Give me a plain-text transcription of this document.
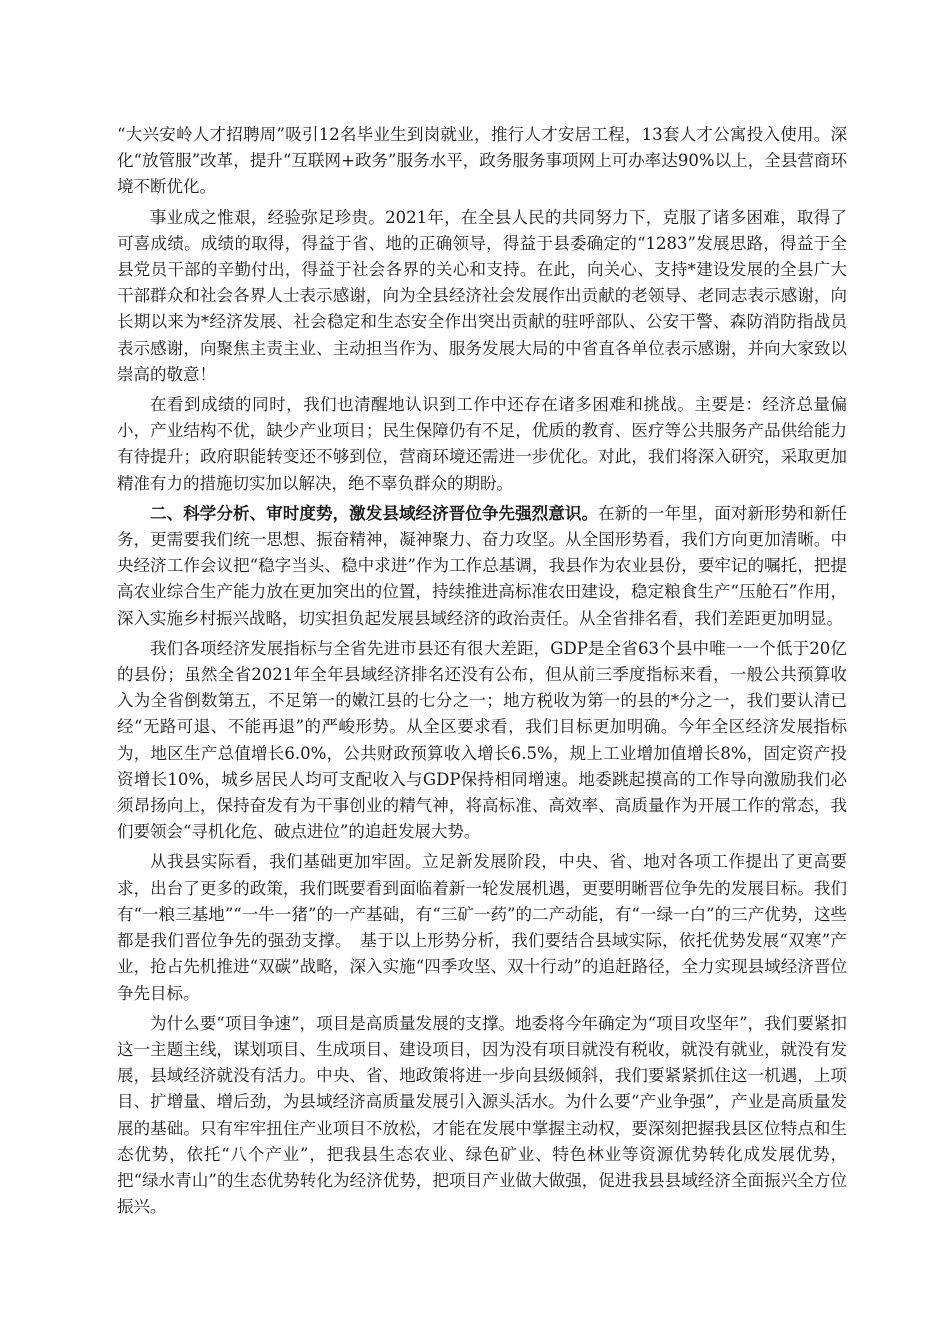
“大兴安岭人才招聘周”吸引12名毕业生到岗就业，推行人才安居工程，13套人才公寓投入使用。深化“放管服”改革，提升“互联网+政务”服务水平，政务服务事项网上可办率达90%以上，全县营商环境不断优化。

事业成之惟艰，经验弥足珍贵。2021年，在全县人民的共同努力下，克服了诸多困难，取得了可喜成绩。成绩的取得，得益于省、地的正确领导，得益于县委确定的“1283”发展思路，得益于全县党员干部的辛勤付出，得益于社会各界的关心和支持。在此，向关心、支持*建设发展的全县广大干部群众和社会各界人士表示感谢，向为全县经济社会发展作出贡献的老领导、老同志表示感谢，向长期以来为*经济发展、社会稳定和生态安全作出突出贡献的驻呼部队、公安干警、森防消防指战员表示感谢，向聚焦主责主业、主动担当作为、服务发展大局的中省直各单位表示感谢，并向大家致以崇高的敬意！

在看到成绩的同时，我们也清醒地认识到工作中还存在诸多困难和挑战。主要是：经济总量偏小，产业结构不优，缺少产业项目；民生保障仍有不足，优质的教育、医疗等公共服务产品供给能力有待提升；政府职能转变还不够到位，营商环境还需进一步优化。对此，我们将深入研究，采取更加精准有力的措施切实加以解决，绝不辜负群众的期盼。

二、科学分析、审时度势，激发县域经济晋位争先强烈意识。在新的一年里，面对新形势和新任务，更需要我们统一思想、振奋精神，凝神聚力、奋力攻坚。从全国形势看，我们方向更加清晰。中央经济工作会议把“稳字当头、稳中求进”作为工作总基调，我县作为农业县份，要牢记的嘱托，把提高农业综合生产能力放在更加突出的位置，持续推进高标准农田建设，稳定粮食生产“压舱石”作用，深入实施乡村振兴战略，切实担负起发展县域经济的政治责任。从全省排名看，我们差距更加明显。

我们各项经济发展指标与全省先进市县还有很大差距，GDP是全省63个县中唯一一个低于20亿的县份；虽然全省2021年全年县域经济排名还没有公布，但从前三季度指标来看，一般公共预算收入为全省倒数第五，不足第一的嫩江县的七分之一；地方税收为第一的县的*分之一，我们要认清已经“无路可退、不能再退”的严峻形势。从全区要求看，我们目标更加明确。今年全区经济发展指标为，地区生产总值增长6.0%，公共财政预算收入增长6.5%，规上工业增加值增长8%，固定资产投资增长10%，城乡居民人均可支配收入与GDP保持相同增速。地委跳起摸高的工作导向激励我们必须昂扬向上，保持奋发有为干事创业的精气神，将高标准、高效率、高质量作为开展工作的常态，我们要领会“寻机化危、破点进位”的追赶发展大势。

从我县实际看，我们基础更加牢固。立足新发展阶段，中央、省、地对各项工作提出了更高要求，出台了更多的政策，我们既要看到面临着新一轮发展机遇，更要明晰晋位争先的发展目标。我们有“一粮三基地”“一牛一猪”的一产基础，有“三矿一药”的二产动能，有“一绿一白”的三产优势，这些都是我们晋位争先的强劲支撑。　基于以上形势分析，我们要结合县域实际，依托优势发展“双寒”产业，抢占先机推进“双碳”战略，深入实施“四季攻坚、双十行动”的追赶路径，全力实现县域经济晋位争先目标。

为什么要“项目争速”，项目是高质量发展的支撑。地委将今年确定为“项目攻坚年”，我们要紧扣这一主题主线，谋划项目、生成项目、建设项目，因为没有项目就没有税收，就没有就业，就没有发展，县域经济就没有活力。中央、省、地政策将进一步向县级倾斜，我们要紧紧抓住这一机遇，上项目、扩增量、增后劲，为县域经济高质量发展引入源头活水。为什么要“产业争强”，产业是高质量发展的基础。只有牢牢扭住产业项目不放松，才能在发展中掌握主动权，要深刻把握我县区位特点和生态优势，依托“八个产业”，把我县生态农业、绿色矿业、特色林业等资源优势转化成发展优势，把“绿水青山”的生态优势转化为经济优势，把项目产业做大做强，促进我县县域经济全面振兴全方位振兴。
